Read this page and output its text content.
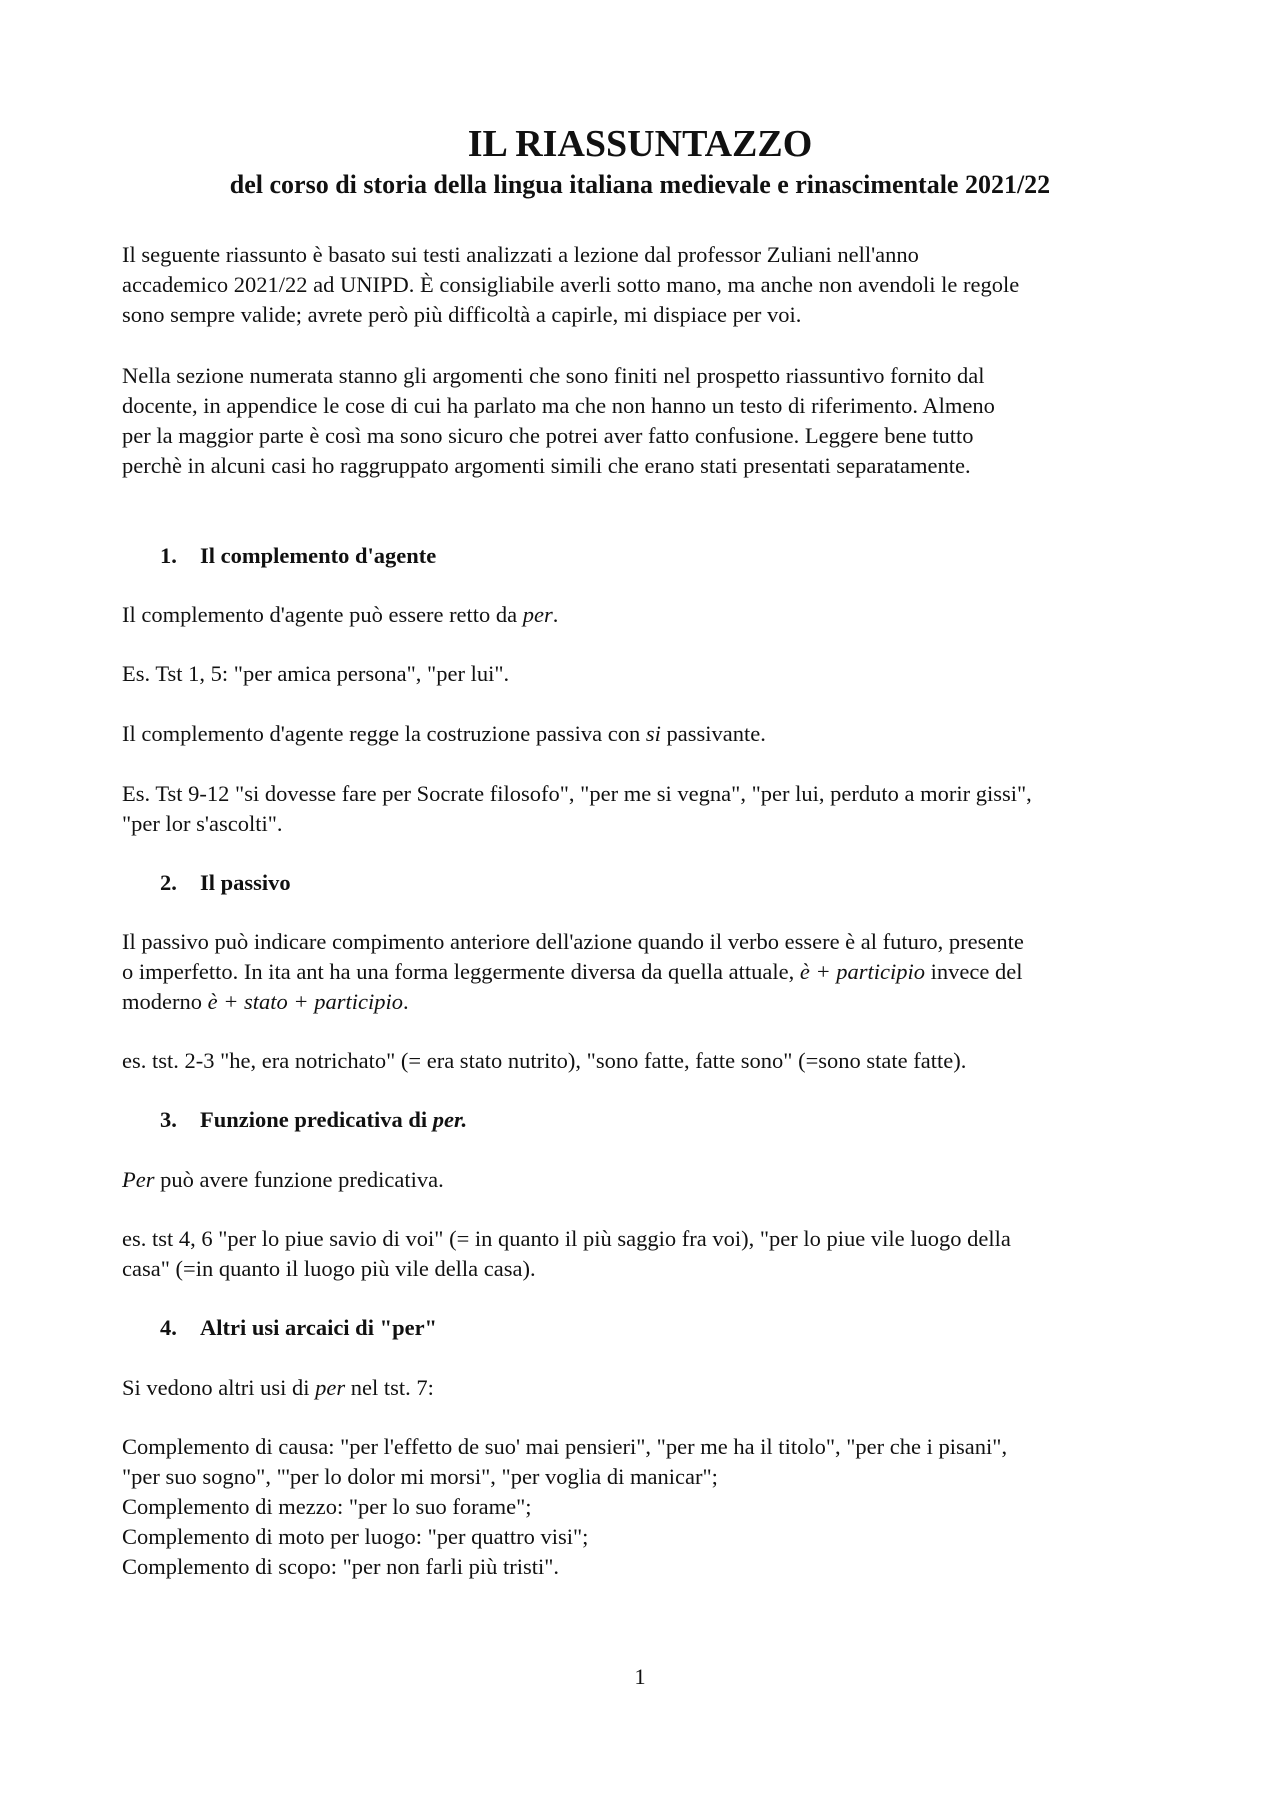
IL RIASSUNTAZZO
del corso di storia della lingua italiana medievale e rinascimentale 2021/22

Il seguente riassunto è basato sui testi analizzati a lezione dal professor Zuliani nell'anno
accademico 2021/22 ad UNIPD. È consigliabile averli sotto mano, ma anche non avendoli le regole
sono sempre valide; avrete però più difficoltà a capirle, mi dispiace per voi.

Nella sezione numerata stanno gli argomenti che sono finiti nel prospetto riassuntivo fornito dal
docente, in appendice le cose di cui ha parlato ma che non hanno un testo di riferimento. Almeno
per la maggior parte è così ma sono sicuro che potrei aver fatto confusione. Leggere bene tutto
perchè in alcuni casi ho raggruppato argomenti simili che erano stati presentati separatamente.

1. Il complemento d'agente

Il complemento d'agente può essere retto da per.

Es. Tst 1, 5: "per amica persona", "per lui".

Il complemento d'agente regge la costruzione passiva con si passivante.

Es. Tst 9-12 "si dovesse fare per Socrate filosofo", "per me si vegna", "per lui, perduto a morir gissi",
"per lor s'ascolti".

2. Il passivo

Il passivo può indicare compimento anteriore dell'azione quando il verbo essere è al futuro, presente
o imperfetto. In ita ant ha una forma leggermente diversa da quella attuale, è + participio invece del
moderno è + stato + participio.

es. tst. 2-3 "he, era notrichato" (= era stato nutrito), "sono fatte, fatte sono" (=sono state fatte).

3. Funzione predicativa di per.

Per può avere funzione predicativa.

es. tst 4, 6 "per lo piue savio di voi" (= in quanto il più saggio fra voi), "per lo piue vile luogo della
casa" (=in quanto il luogo più vile della casa).

4. Altri usi arcaici di "per"

Si vedono altri usi di per nel tst. 7:

Complemento di causa: "per l'effetto de suo' mai pensieri", "per me ha il titolo", "per che i pisani",
"per suo sogno", "'per lo dolor mi morsi", "per voglia di manicar";
Complemento di mezzo: "per lo suo forame";
Complemento di moto per luogo: "per quattro visi";
Complemento di scopo: "per non farli più tristi".

1
